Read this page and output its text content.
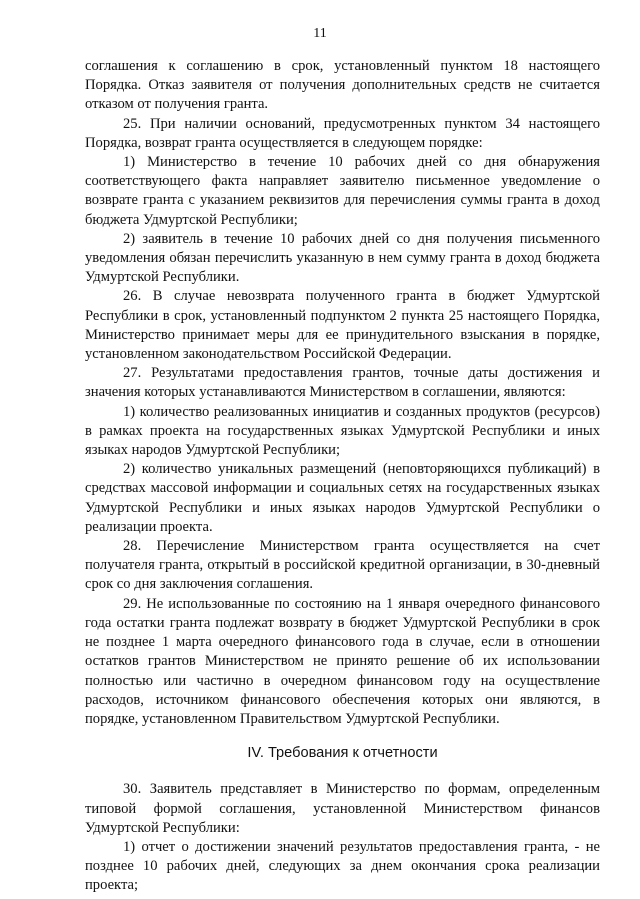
11

соглашения к соглашению в срок, установленный пунктом 18 настоящего Порядка. Отказ заявителя от получения дополнительных средств не считается отказом от получения гранта.

25. При наличии оснований, предусмотренных пунктом 34 настоящего Порядка, возврат гранта осуществляется в следующем порядке:

1) Министерство в течение 10 рабочих дней со дня обнаружения соответствующего факта направляет заявителю письменное уведомление о возврате гранта с указанием реквизитов для перечисления суммы гранта в доход бюджета Удмуртской Республики;

2) заявитель в течение 10 рабочих дней со дня получения письменного уведомления обязан перечислить указанную в нем сумму гранта в доход бюджета Удмуртской Республики.

26. В случае невозврата полученного гранта в бюджет Удмуртской Республики в срок, установленный подпунктом 2 пункта 25 настоящего Порядка, Министерство принимает меры для ее принудительного взыскания в порядке, установленном законодательством Российской Федерации.

27. Результатами предоставления грантов, точные даты достижения и значения которых устанавливаются Министерством в соглашении, являются:

1) количество реализованных инициатив и созданных продуктов (ресурсов) в рамках проекта на государственных языках Удмуртской Республики и иных языках народов Удмуртской Республики;

2) количество уникальных размещений (неповторяющихся публикаций) в средствах массовой информации и социальных сетях на государственных языках Удмуртской Республики и иных языках народов Удмуртской Республики о реализации проекта.

28. Перечисление Министерством гранта осуществляется на счет получателя гранта, открытый в российской кредитной организации, в 30-дневный срок со дня заключения соглашения.

29. Не использованные по состоянию на 1 января очередного финансового года остатки гранта подлежат возврату в бюджет Удмуртской Республики в срок не позднее 1 марта очередного финансового года в случае, если в отношении остатков грантов Министерством не принято решение об их использовании полностью или частично в очередном финансовом году на осуществление расходов, источником финансового обеспечения которых они являются, в порядке, установленном Правительством Удмуртской Республики.

IV. Требования к отчетности

30. Заявитель представляет в Министерство по формам, определенным типовой формой соглашения, установленной Министерством финансов Удмуртской Республики:

1) отчет о достижении значений результатов предоставления гранта, - не позднее 10 рабочих дней, следующих за днем окончания срока реализации проекта;
